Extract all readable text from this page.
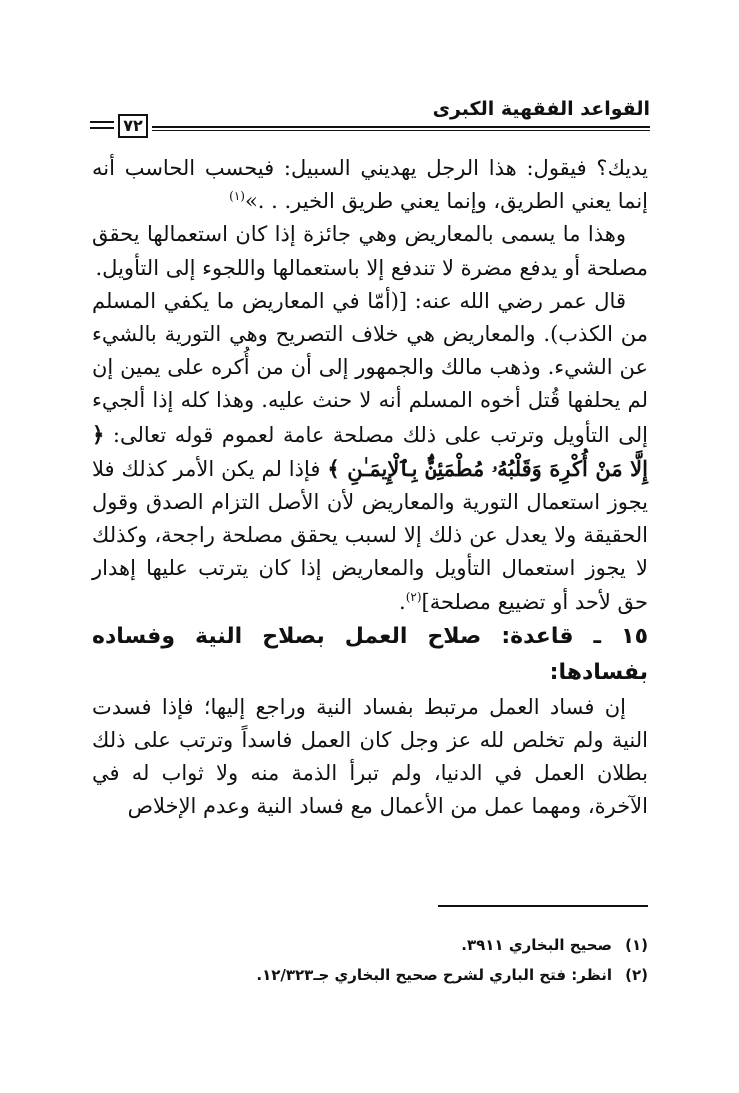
القواعد الفقهية الكبرى
٧٢

يديك؟ فيقول: هذا الرجل يهديني السبيل: فيحسب الحاسب أنه إنما يعني الطريق، وإنما يعني طريق الخير. . .»$^{(١)}$

وهذا ما يسمى بالمعاريض وهي جائزة إذا كان استعمالها يحقق مصلحة أو يدفع مضرة لا تندفع إلا باستعمالها واللجوء إلى التأويل.

قال عمر رضي الله عنه: [(أمّا في المعاريض ما يكفي المسلم من الكذب). والمعاريض هي خلاف التصريح وهي التورية بالشيء عن الشيء. وذهب مالك والجمهور إلى أن من أُكره على يمين إن لم يحلفها قُتل أخوه المسلم أنه لا حنث عليه. وهذا كله إذا ألجيء إلى التأويل وترتب على ذلك مصلحة عامة لعموم قوله تعالى: ﴿ إِلَّا مَنْ أُكْرِهَ وَقَلْبُهُۥ مُطْمَئِنٌّۢ بِٱلْإِيمَـٰنِ ﴾ فإذا لم يكن الأمر كذلك فلا يجوز استعمال التورية والمعاريض لأن الأصل التزام الصدق وقول الحقيقة ولا يعدل عن ذلك إلا لسبب يحقق مصلحة راجحة، وكذلك لا يجوز استعمال التأويل والمعاريض إذا كان يترتب عليها إهدار حق لأحد أو تضييع مصلحة]$^{(٢)}$.

١٥ ـ قاعدة: صلاح العمل بصلاح النية وفساده بفسادها:

إن فساد العمل مرتبط بفساد النية وراجع إليها؛ فإذا فسدت النية ولم تخلص لله عز وجل كان العمل فاسداً وترتب على ذلك بطلان العمل في الدنيا، ولم تبرأ الذمة منه ولا ثواب له في الآخرة، ومهما عمل من الأعمال مع فساد النية وعدم الإخلاص

(١)صحيح البخاري ٣٩١١.
(٢)انظر: فتح الباري لشرح صحيح البخاري جـ١٢/٣٢٣.
